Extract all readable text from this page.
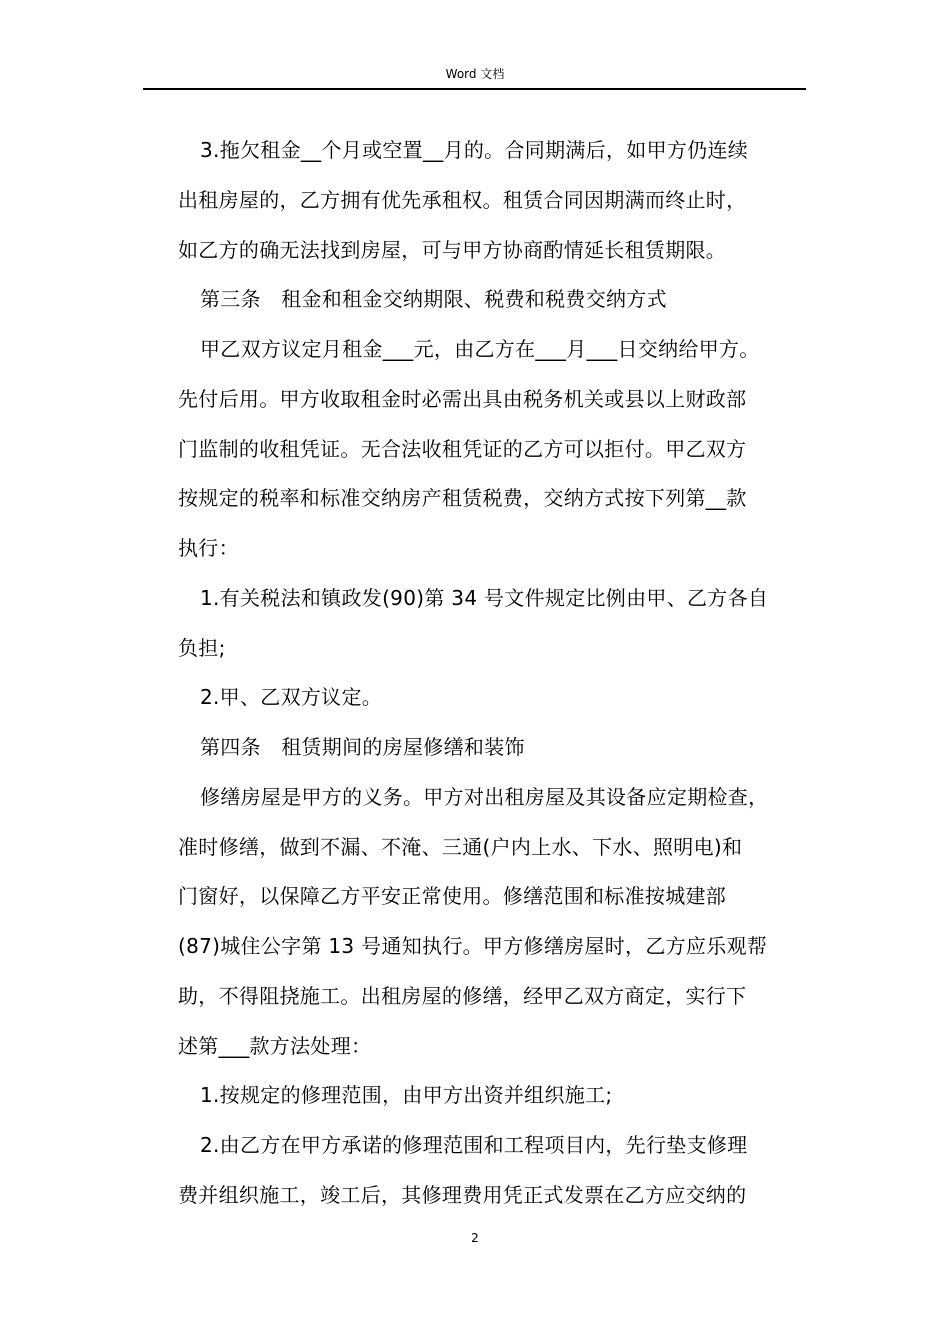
Word 文档
3.拖欠租金__个月或空置__月的。合同期满后，如甲方仍连续
出租房屋的，乙方拥有优先承租权。租赁合同因期满而终止时，
如乙方的确无法找到房屋，可与甲方协商酌情延长租赁期限。
第三条　租金和租金交纳期限、税费和税费交纳方式
甲乙双方议定月租金___元，由乙方在___月___日交纳给甲方。
先付后用。甲方收取租金时必需出具由税务机关或县以上财政部
门监制的收租凭证。无合法收租凭证的乙方可以拒付。甲乙双方
按规定的税率和标准交纳房产租赁税费，交纳方式按下列第__款
执行：
1.有关税法和镇政发(90)第 34 号文件规定比例由甲、乙方各自
负担;
2.甲、乙双方议定。
第四条　租赁期间的房屋修缮和装饰
修缮房屋是甲方的义务。甲方对出租房屋及其设备应定期检查，
准时修缮，做到不漏、不淹、三通(户内上水、下水、照明电)和
门窗好，以保障乙方平安正常使用。修缮范围和标准按城建部
(87)城住公字第 13 号通知执行。甲方修缮房屋时，乙方应乐观帮
助，不得阻挠施工。出租房屋的修缮，经甲乙双方商定，实行下
述第___款方法处理：
1.按规定的修理范围，由甲方出资并组织施工;
2.由乙方在甲方承诺的修理范围和工程项目内，先行垫支修理
费并组织施工，竣工后，其修理费用凭正式发票在乙方应交纳的
2
